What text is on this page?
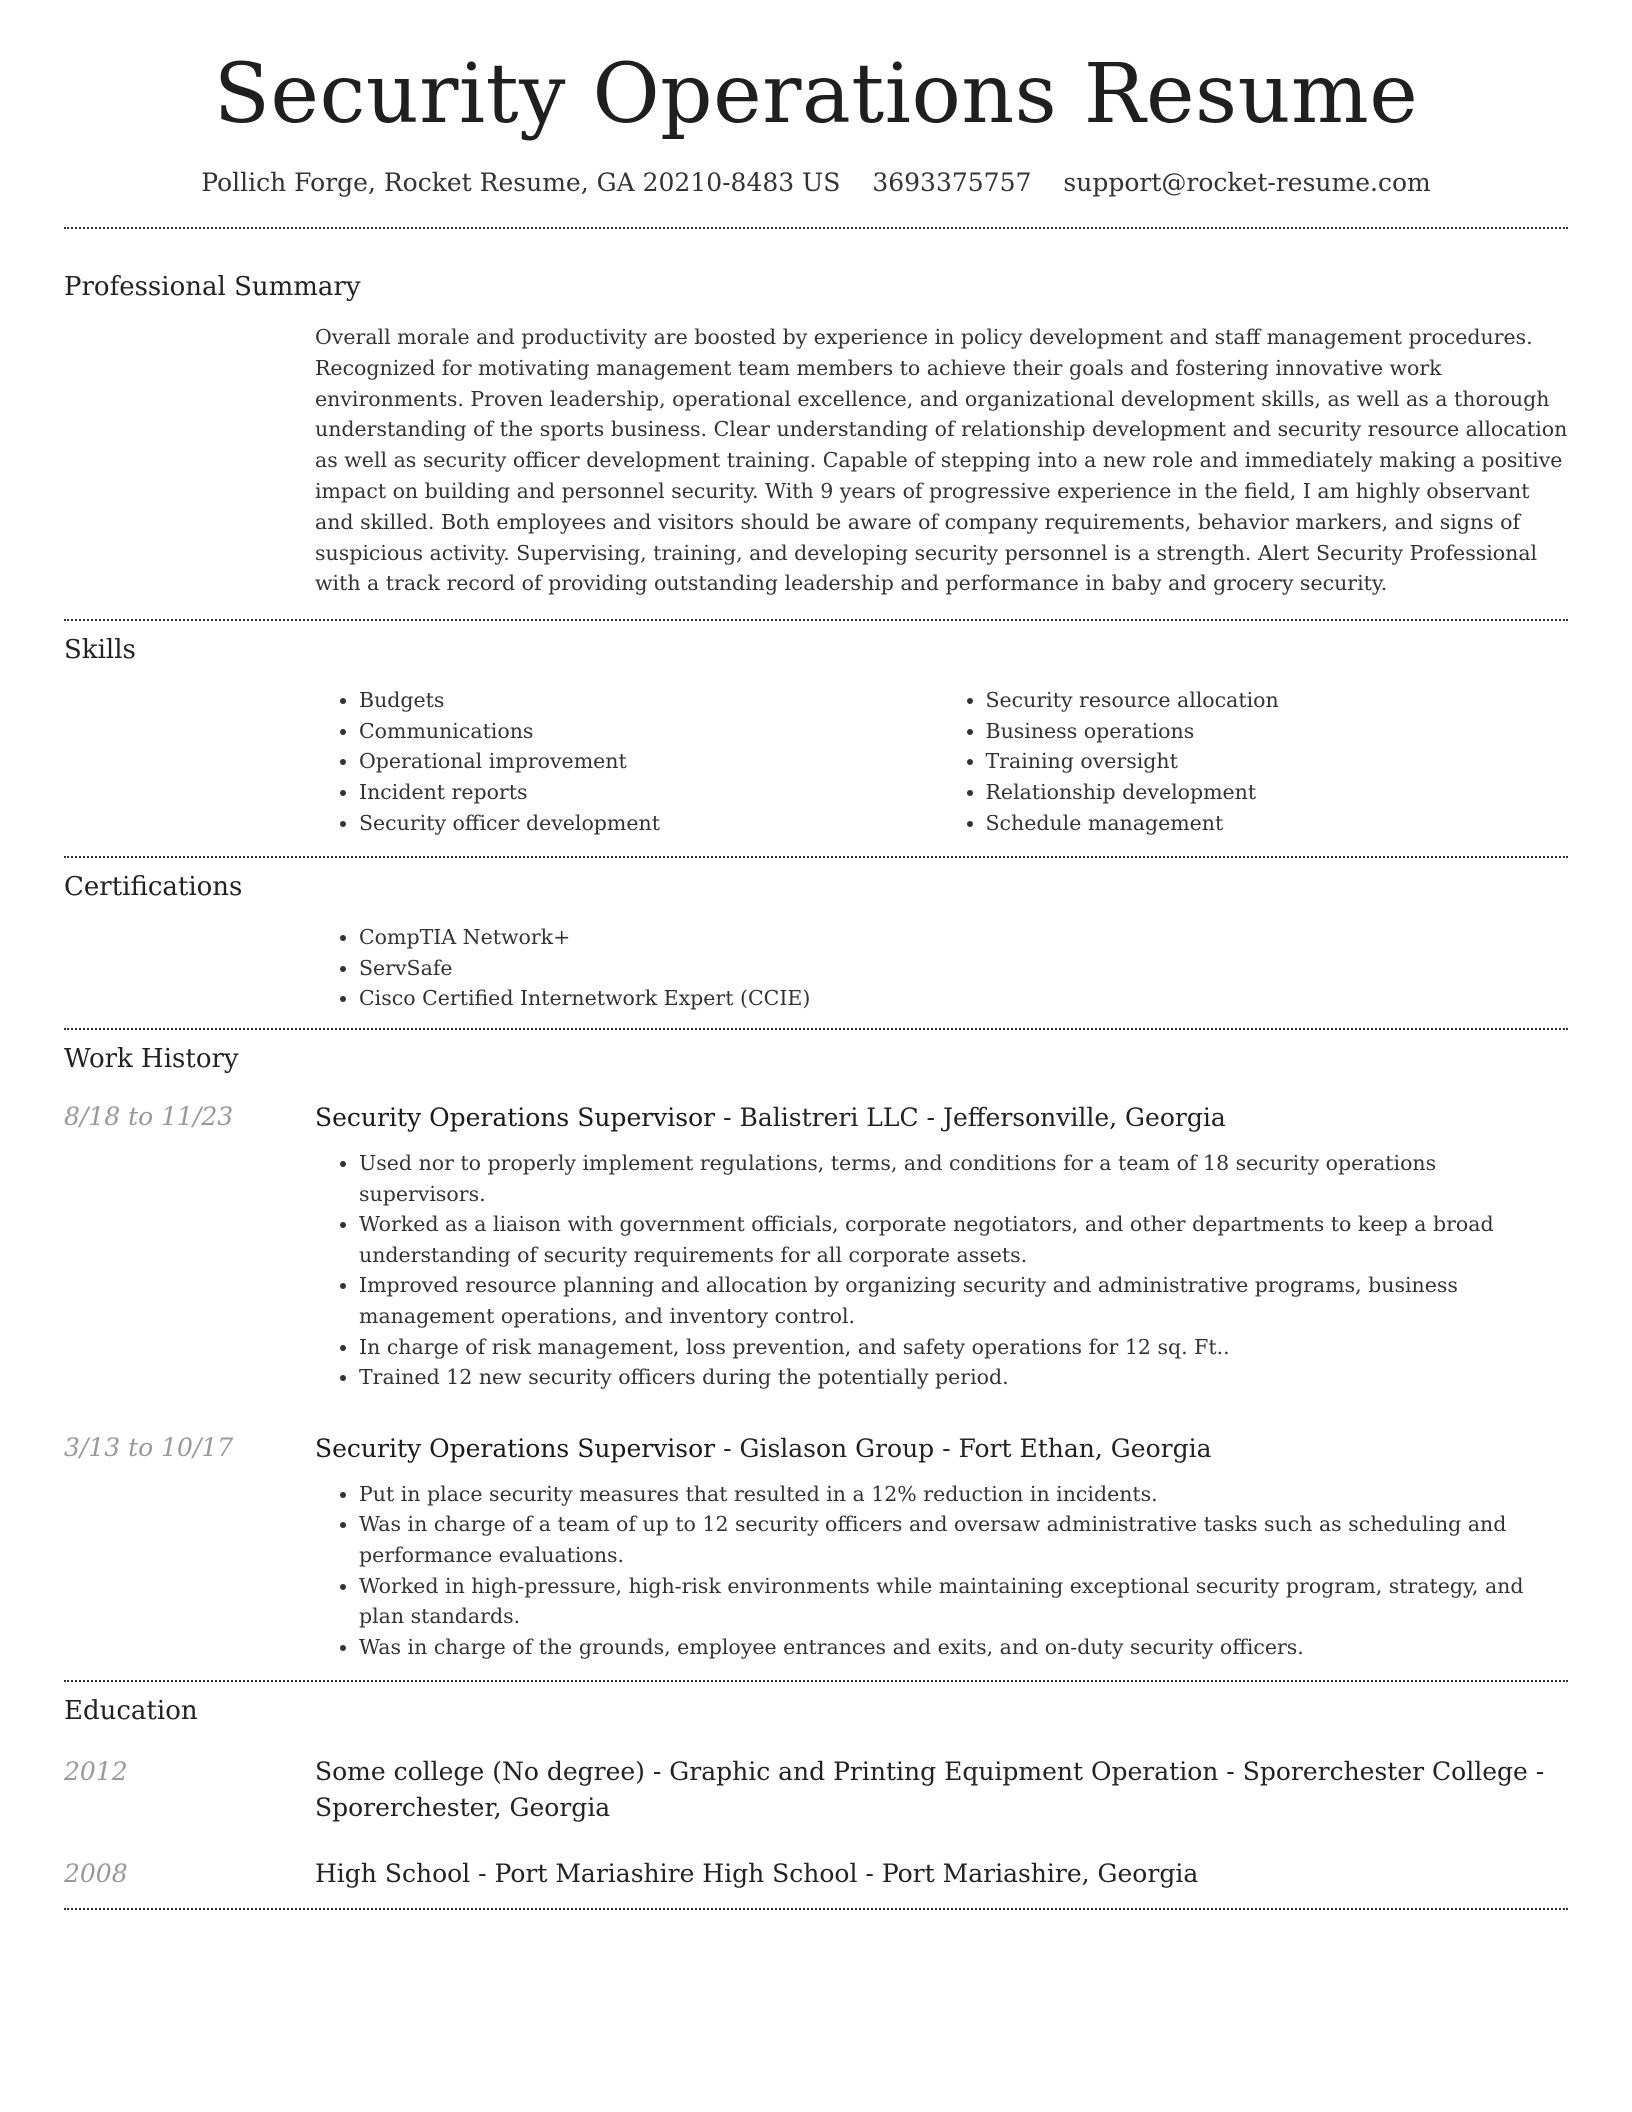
Security Operations Resume
Pollich Forge, Rocket Resume, GA 20210-8483 US 3693375757 support@rocket-resume.com
Professional Summary

Overall morale and productivity are boosted by experience in policy development and staff management procedures. Recognized for motivating management team members to achieve their goals and fostering innovative work environments. Proven leadership, operational excellence, and organizational development skills, as well as a thorough understanding of the sports business. Clear understanding of relationship development and security resource allocation as well as security officer development training. Capable of stepping into a new role and immediately making a positive impact on building and personnel security. With 9 years of progressive experience in the field, I am highly observant and skilled. Both employees and visitors should be aware of company requirements, behavior markers, and signs of suspicious activity. Supervising, training, and developing security personnel is a strength. Alert Security Professional with a track record of providing outstanding leadership and performance in baby and grocery security.

Skills
• Budgets
• Communications
• Operational improvement
• Incident reports
• Security officer development
• Security resource allocation
• Business operations
• Training oversight
• Relationship development
• Schedule management
Certifications
• CompTIA Network+
• ServSafe
• Cisco Certified Internetwork Expert (CCIE)
Work History
8/18 to 11/23	Security Operations Supervisor - Balistreri LLC - Jeffersonville, Georgia
• Used nor to properly implement regulations, terms, and conditions for a team of 18 security operations supervisors.
• Worked as a liaison with government officials, corporate negotiators, and other departments to keep a broad understanding of security requirements for all corporate assets.
• Improved resource planning and allocation by organizing security and administrative programs, business management operations, and inventory control.
• In charge of risk management, loss prevention, and safety operations for 12 sq. Ft..
• Trained 12 new security officers during the potentially period.
3/13 to 10/17	Security Operations Supervisor - Gislason Group - Fort Ethan, Georgia
• Put in place security measures that resulted in a 12% reduction in incidents.
• Was in charge of a team of up to 12 security officers and oversaw administrative tasks such as scheduling and performance evaluations.
• Worked in high-pressure, high-risk environments while maintaining exceptional security program, strategy, and plan standards.
• Was in charge of the grounds, employee entrances and exits, and on-duty security officers.
Education
2012	Some college (No degree) - Graphic and Printing Equipment Operation - Sporerchester College - Sporerchester, Georgia
2008	High School - Port Mariashire High School - Port Mariashire, Georgia
